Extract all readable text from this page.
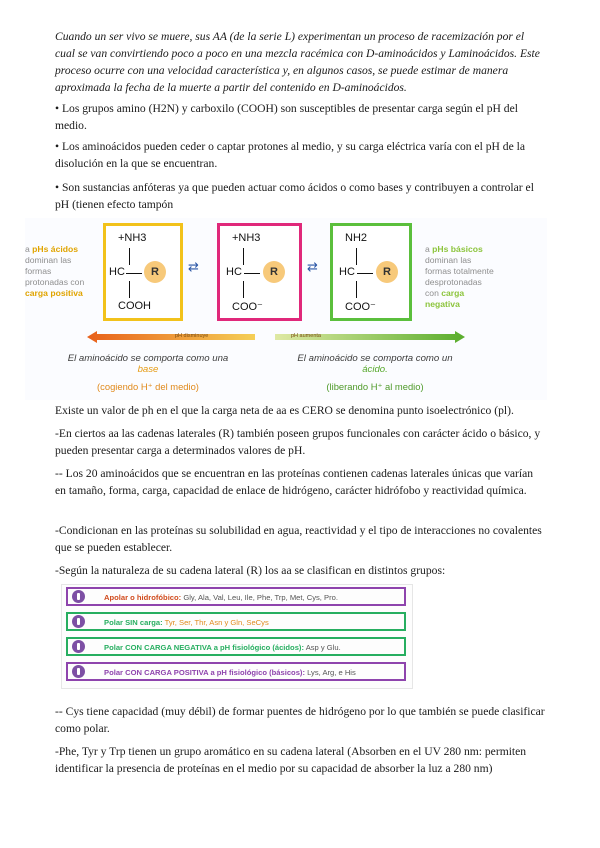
Cuando un ser vivo se muere, sus AA (de la serie L) experimentan un proceso de racemización por el cual se van convirtiendo poco a poco en una mezcla racémica con D-aminoácidos y Laminoácidos. Este proceso ocurre con una velocidad característica y, en algunos casos, se puede estimar de manera aproximada la fecha de la muerte a partir del contenido en D-aminoácidos.

• Los grupos amino (H2N) y carboxilo (COOH) son susceptibles de presentar carga según el pH del medio.

• Los aminoácidos pueden ceder o captar protones al medio, y su carga eléctrica varía con el pH de la disolución en la que se encuentran.

• Son sustancias anfóteras ya que pueden actuar como ácidos o como bases y contribuyen a controlar el pH (tienen efecto tampón

a pHs ácidos dominan las formas protonadas con carga positiva
a pHs básicos dominan las formas totalmente desprotonadas con carga negativa
+NH3
HC	R
COOH
⇄
+NH3
HC	R
COO⁻
⇄
NH2
HC	R
COO⁻
pH disminuye	pH aumenta
El aminoácido se comporta como una
base
(cogiendo H⁺ del medio)
El aminoácido se comporta como un
ácido.
(liberando H⁺ al medio)

Existe un valor de ph en el que la carga neta de aa es CERO se denomina punto isoelectrónico (pl).

-En ciertos aa las cadenas laterales (R) también poseen grupos funcionales con carácter ácido o básico, y pueden presentar carga a determinados valores de pH.

-- Los 20 aminoácidos que se encuentran en las proteínas contienen cadenas laterales únicas que varían en tamaño, forma, carga, capacidad de enlace de hidrógeno, carácter hidrófobo y reactividad química.

-Condicionan en las proteínas su solubilidad en agua, reactividad y el tipo de interacciones no covalentes que se pueden establecer.

-Según la naturaleza de su cadena lateral (R) los aa se clasifican en distintos grupos:

Apolar o hidrofóbico: Gly, Ala, Val, Leu, Ile, Phe, Trp, Met, Cys, Pro.
Polar SIN carga: Tyr, Ser, Thr, Asn y Gln, SeCys
Polar CON CARGA NEGATIVA a pH fisiológico (ácidos): Asp y Glu.
Polar CON CARGA POSITIVA a pH fisiológico (básicos): Lys, Arg, e His

-- Cys tiene capacidad (muy débil) de formar puentes de hidrógeno por lo que también se puede clasificar como polar.

-Phe, Tyr y Trp tienen un grupo aromático en su cadena lateral (Absorben en el UV 280 nm: permiten identificar la presencia de proteínas en el medio por su capacidad de absorber la luz a 280 nm)
